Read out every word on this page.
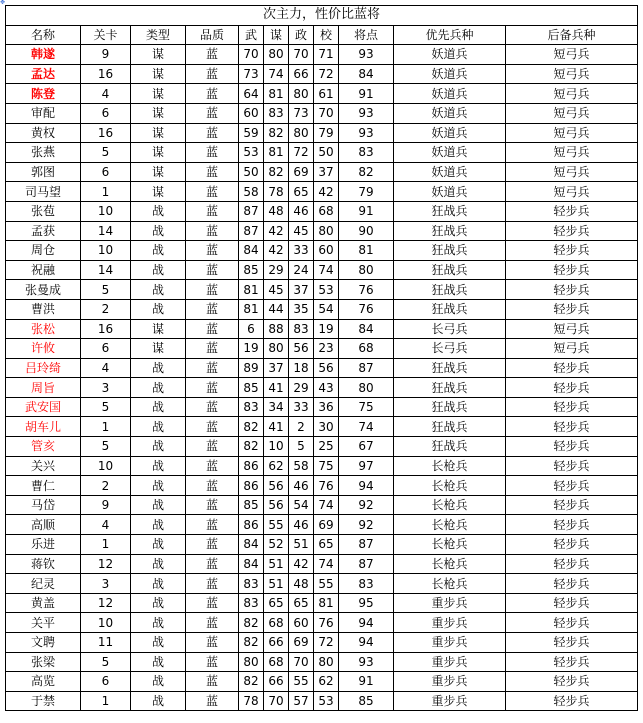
✥
次主力，性价比蓝将										
名称	关卡	类型	品质	武	谋	政	校	将点	优先兵种	后备兵种
韩遂	9	谋	蓝	70	80	70	71	93	妖道兵	短弓兵
孟达	16	谋	蓝	73	74	66	72	84	妖道兵	短弓兵
陈登	4	谋	蓝	64	81	80	61	91	妖道兵	短弓兵
审配	6	谋	蓝	60	83	73	70	93	妖道兵	短弓兵
黄权	16	谋	蓝	59	82	80	79	93	妖道兵	短弓兵
张燕	5	谋	蓝	53	81	72	50	83	妖道兵	短弓兵
郭图	6	谋	蓝	50	82	69	37	82	妖道兵	短弓兵
司马望	1	谋	蓝	58	78	65	42	79	妖道兵	短弓兵
张苞	10	战	蓝	87	48	46	68	91	狂战兵	轻步兵
孟获	14	战	蓝	87	42	45	80	90	狂战兵	轻步兵
周仓	10	战	蓝	84	42	33	60	81	狂战兵	轻步兵
祝融	14	战	蓝	85	29	24	74	80	狂战兵	轻步兵
张曼成	5	战	蓝	81	45	37	53	76	狂战兵	轻步兵
曹洪	2	战	蓝	81	44	35	54	76	狂战兵	轻步兵
张松	16	谋	蓝	6	88	83	19	84	长弓兵	短弓兵
许攸	6	谋	蓝	19	80	56	23	68	长弓兵	短弓兵
吕玲绮	4	战	蓝	89	37	18	56	87	狂战兵	轻步兵
周旨	3	战	蓝	85	41	29	43	80	狂战兵	轻步兵
武安国	5	战	蓝	83	34	33	36	75	狂战兵	轻步兵
胡车儿	1	战	蓝	82	41	2	30	74	狂战兵	轻步兵
管亥	5	战	蓝	82	10	5	25	67	狂战兵	轻步兵
关兴	10	战	蓝	86	62	58	75	97	长枪兵	轻步兵
曹仁	2	战	蓝	86	56	46	76	94	长枪兵	轻步兵
马岱	9	战	蓝	85	56	54	74	92	长枪兵	轻步兵
高顺	4	战	蓝	86	55	46	69	92	长枪兵	轻步兵
乐进	1	战	蓝	84	52	51	65	87	长枪兵	轻步兵
蒋钦	12	战	蓝	84	51	42	74	87	长枪兵	轻步兵
纪灵	3	战	蓝	83	51	48	55	83	长枪兵	轻步兵
黄盖	12	战	蓝	83	65	65	81	95	重步兵	轻步兵
关平	10	战	蓝	82	68	60	76	94	重步兵	轻步兵
文聘	11	战	蓝	82	66	69	72	94	重步兵	轻步兵
张梁	5	战	蓝	80	68	70	80	93	重步兵	轻步兵
高览	6	战	蓝	82	66	55	62	91	重步兵	轻步兵
于禁	1	战	蓝	78	70	57	53	85	重步兵	轻步兵
